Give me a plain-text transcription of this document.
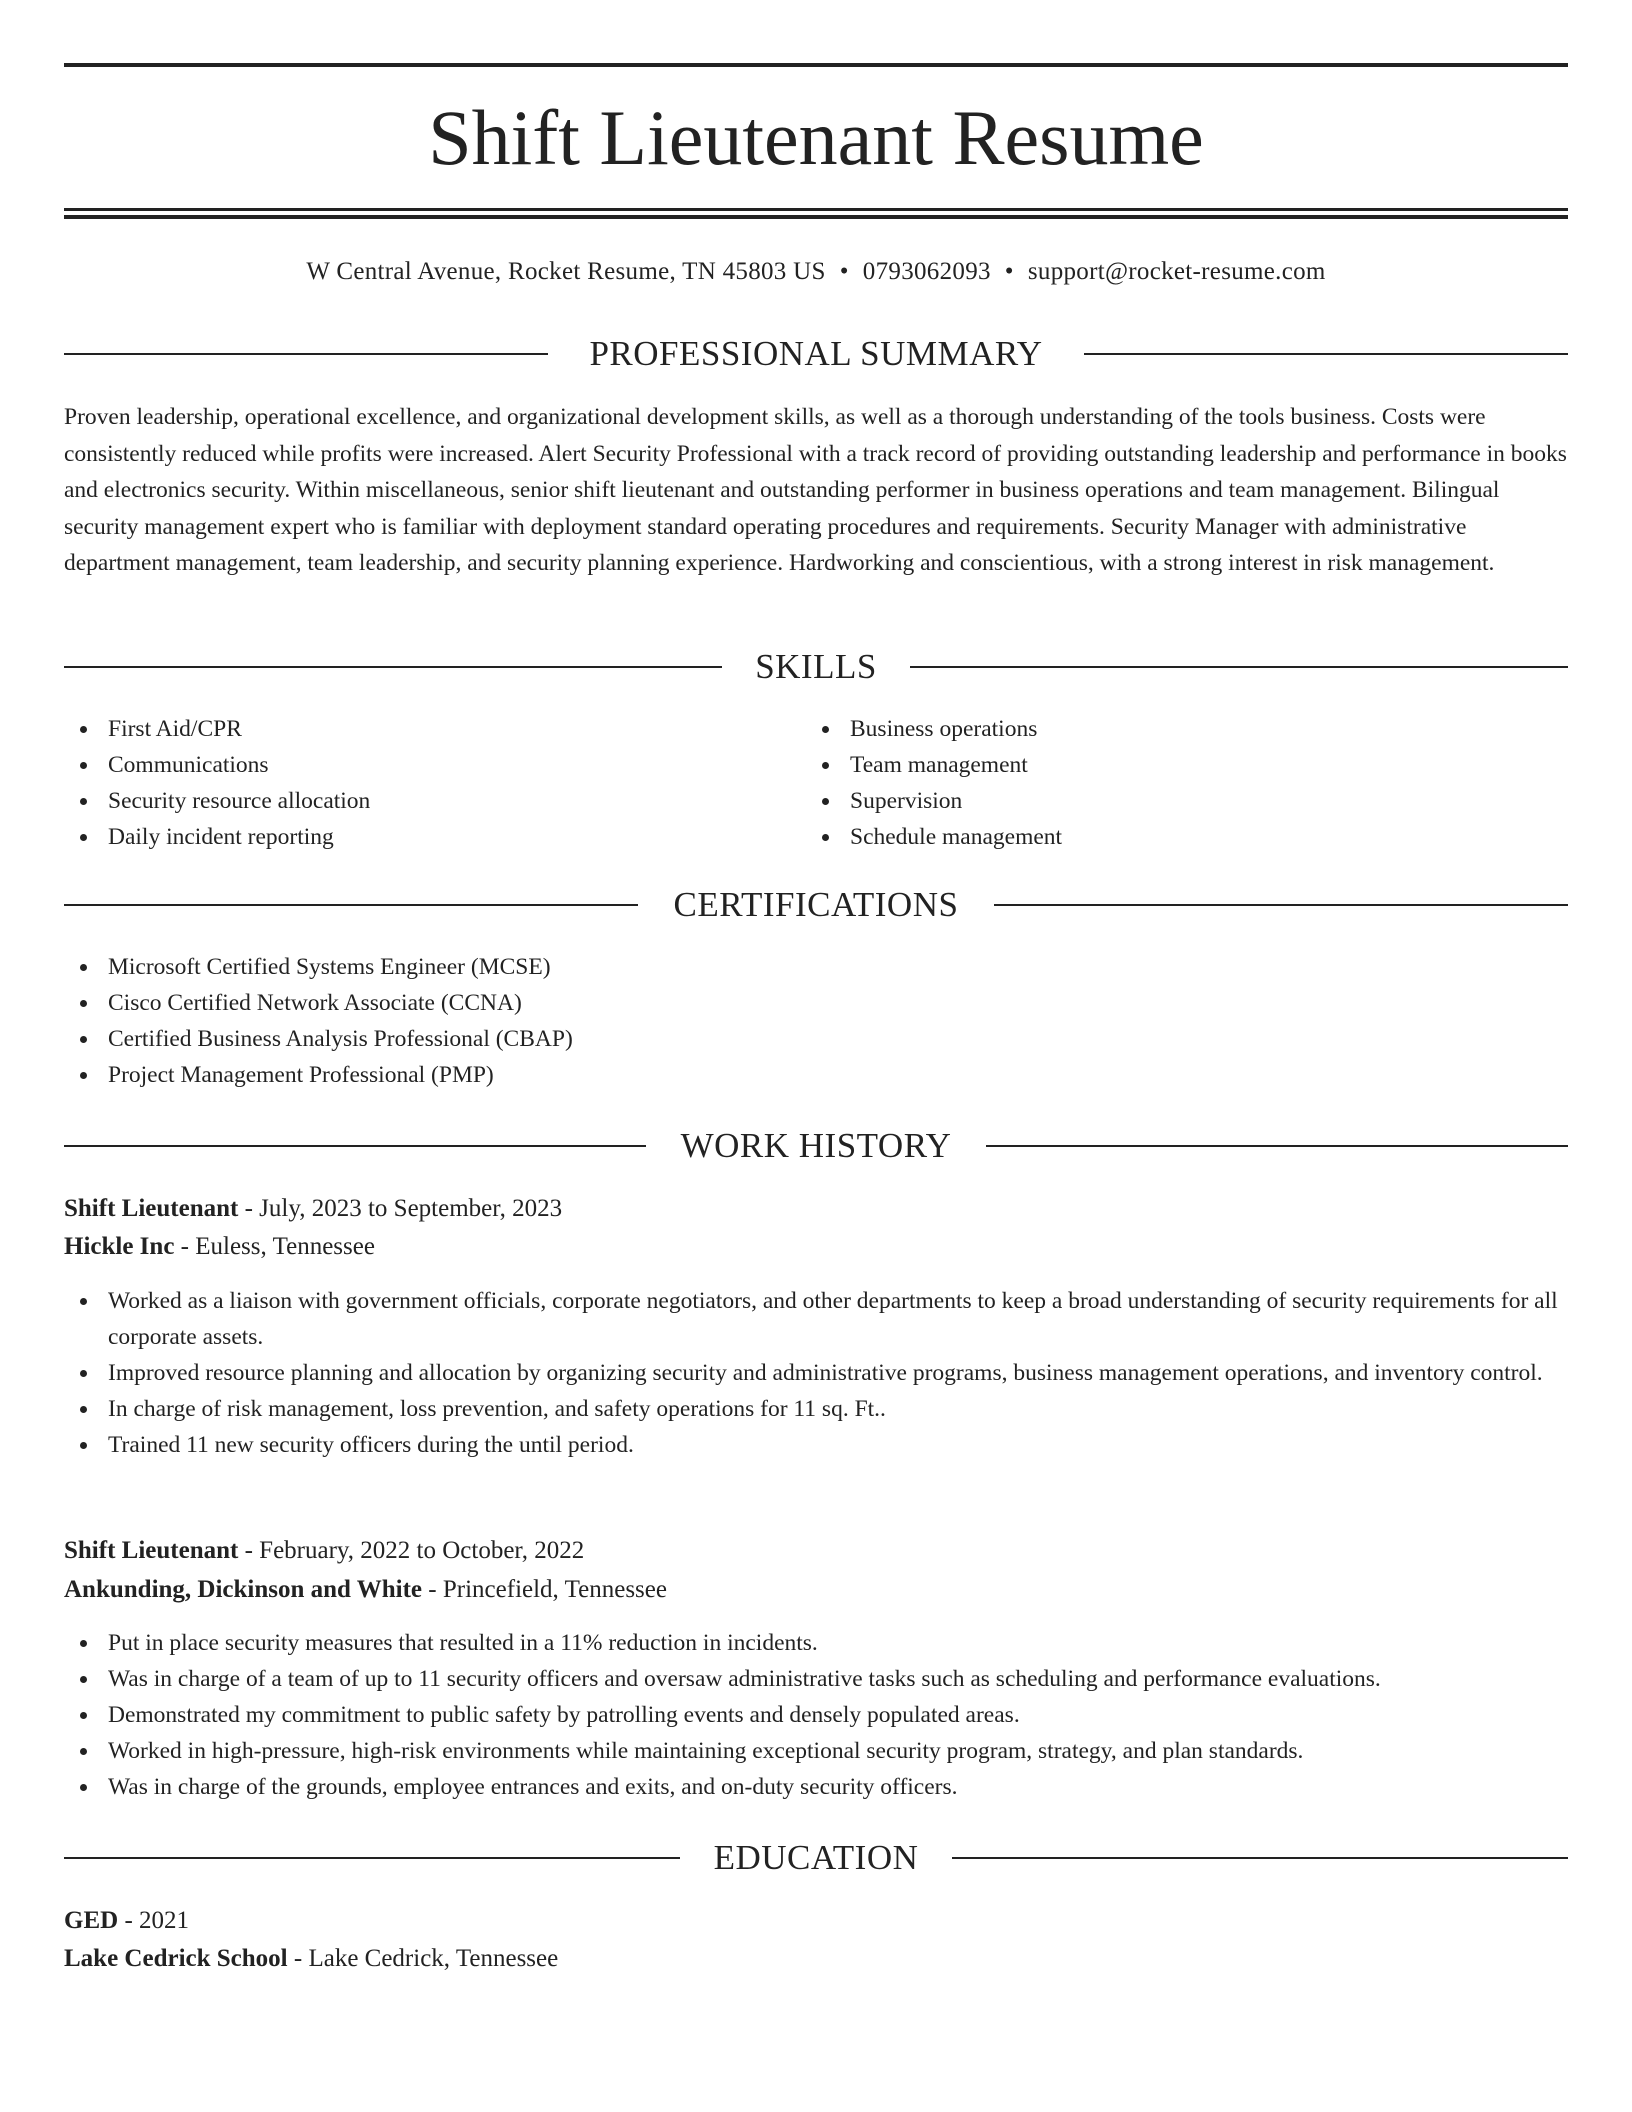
Shift Lieutenant Resume
W Central Avenue, Rocket Resume, TN 45803 US • 0793062093 • support@rocket-resume.com
PROFESSIONAL SUMMARY

Proven leadership, operational excellence, and organizational development skills, as well as a thorough understanding of the tools business. Costs were consistently reduced while profits were increased. Alert Security Professional with a track record of providing outstanding leadership and performance in books and electronics security. Within miscellaneous, senior shift lieutenant and outstanding performer in business operations and team management. Bilingual security management expert who is familiar with deployment standard operating procedures and requirements. Security Manager with administrative department management, team leadership, and security planning experience. Hardworking and conscientious, with a strong interest in risk management.

SKILLS
First Aid/CPR
Communications
Security resource allocation
Daily incident reporting
Business operations
Team management
Supervision
Schedule management
CERTIFICATIONS
Microsoft Certified Systems Engineer (MCSE)
Cisco Certified Network Associate (CCNA)
Certified Business Analysis Professional (CBAP)
Project Management Professional (PMP)
WORK HISTORY
Shift Lieutenant - July, 2023 to September, 2023
Hickle Inc - Euless, Tennessee
Worked as a liaison with government officials, corporate negotiators, and other departments to keep a broad understanding of security requirements for all corporate assets.
Improved resource planning and allocation by organizing security and administrative programs, business management operations, and inventory control.
In charge of risk management, loss prevention, and safety operations for 11 sq. Ft..
Trained 11 new security officers during the until period.
Shift Lieutenant - February, 2022 to October, 2022
Ankunding, Dickinson and White - Princefield, Tennessee
Put in place security measures that resulted in a 11% reduction in incidents.
Was in charge of a team of up to 11 security officers and oversaw administrative tasks such as scheduling and performance evaluations.
Demonstrated my commitment to public safety by patrolling events and densely populated areas.
Worked in high-pressure, high-risk environments while maintaining exceptional security program, strategy, and plan standards.
Was in charge of the grounds, employee entrances and exits, and on-duty security officers.
EDUCATION
GED - 2021
Lake Cedrick School - Lake Cedrick, Tennessee
